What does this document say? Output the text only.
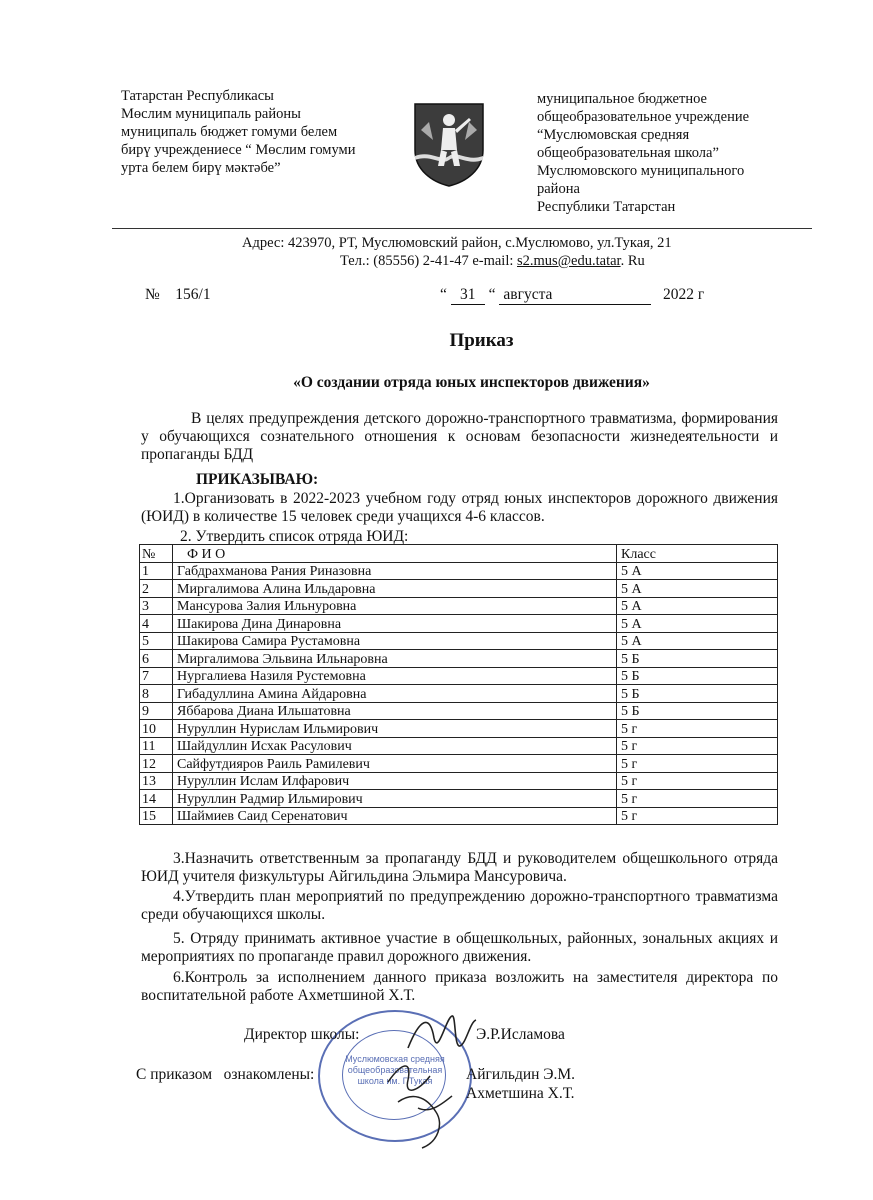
Татарстан Республикасы
Мөслим муниципаль районы
муниципаль бюджет гомуми белем
бирү учреждениесе “ Мөслим гомуми
урта белем бирү мәктәбе”
муниципальное бюджетное
общеобразовательное учреждение
“Муслюмовская средняя
общеобразовательная школа”
Муслюмовского муниципального
района
Республики Татарстан
Адрес: 423970, РТ, Муслюмовский район, с.Муслюмово, ул.Тукая, 21
Тел.: (85556) 2-41-47 e-mail: s2.mus@edu.tatar. Ru
№ 156/1	“ 31 “ августа	2022 г
Приказ
«О создании отряда юных инспекторов движения»
В целях предупреждения детского дорожно-транспортного травматизма, формирования у обучающихся сознательного отношения к основам безопасности жизнедеятельности и пропаганды БДД
ПРИКАЗЫВАЮ:
1.Организовать в 2022-2023 учебном году отряд юных инспекторов дорожного движения (ЮИД) в количестве 15 человек среди учащихся 4-6 классов.
2. Утвердить список отряда ЮИД:
№	Ф И О	Класс
1	Габдрахманова Рания Риназовна	5 А
2	Миргалимова Алина Ильдаровна	5 А
3	Мансурова Залия Ильнуровна	5 А
4	Шакирова Дина Динаровна	5 А
5	Шакирова Самира Рустамовна	5 А
6	Миргалимова Эльвина Ильнаровна	5 Б
7	Нургалиева Назиля Рустемовна	5 Б
8	Гибадуллина Амина Айдаровна	5 Б
9	Яббарова Диана Ильшатовна	5 Б
10	Нуруллин Нурислам Ильмирович	5 г
11	Шайдуллин Исхак Расулович	5 г
12	Сайфутдияров Раиль Рамилевич	5 г
13	Нуруллин Ислам Илфарович	5 г
14	Нуруллин Радмир Ильмирович	5 г
15	Шаймиев Саид Серенатович	5 г
3.Назначить ответственным за пропаганду БДД и руководителем общешкольного отряда ЮИД учителя физкультуры Айгильдина Эльмира Мансуровича.
4.Утвердить план мероприятий по предупреждению дорожно-транспортного травматизма среди обучающихся школы.
5. Отряду принимать активное участие в общешкольных, районных, зональных акциях и мероприятиях по пропаганде правил дорожного движения.
6.Контроль за исполнением данного приказа возложить на заместителя директора по воспитательной работе Ахметшиной Х.Т.
Муслюмовская средняя
общеобразовательная
школа им. Г.Тукая
Директор школы:	Э.Р.Исламова
С приказом   ознакомлены:	Айгильдин Э.М.
Ахметшина Х.Т.
